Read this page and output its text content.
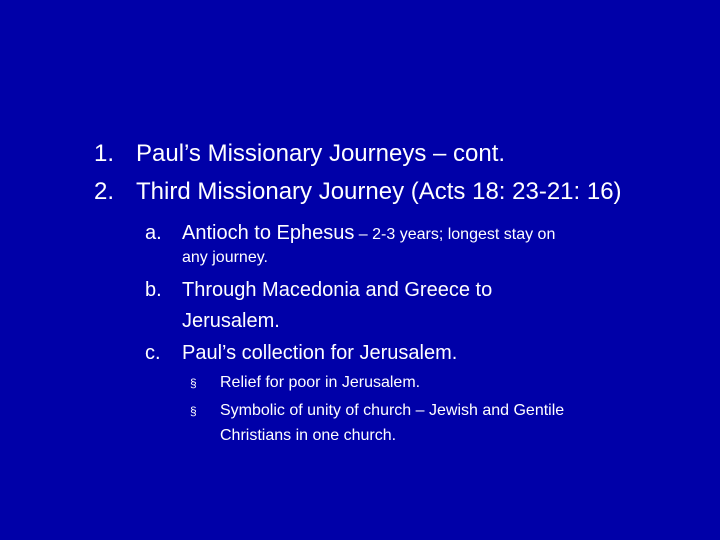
1. Paul’s Missionary Journeys – cont.
2. Third Missionary Journey (Acts 18: 23-21: 16)
a. Antioch to Ephesus – 2-3 years; longest stay on
any journey.
b. Through Macedonia and Greece to
Jerusalem.
c. Paul’s collection for Jerusalem.
§ Relief for poor in Jerusalem.
§ Symbolic of unity of church – Jewish and Gentile
Christians in one church.
